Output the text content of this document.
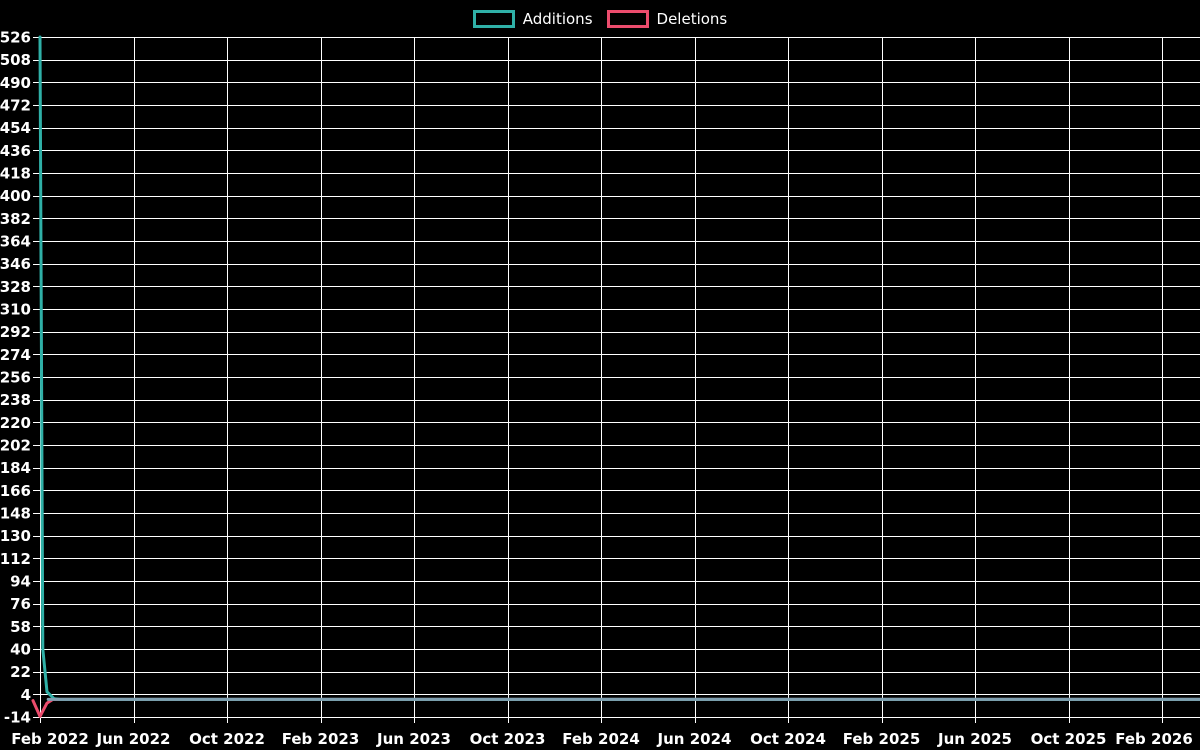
526
508
490
472
454
436
418
400
382
364
346
328
310
292
274
256
238
220
202
184
166
148
130
112
94
76
58
40
22
4
-14
Feb 2022 Jun 2022 Oct 2022 Feb 2023 Jun 2023 Oct 2023 Feb 2024 Jun 2024 Oct 2024 Feb 2025 Jun 2025 Oct 2025 Feb 2026
Additions	Deletions
